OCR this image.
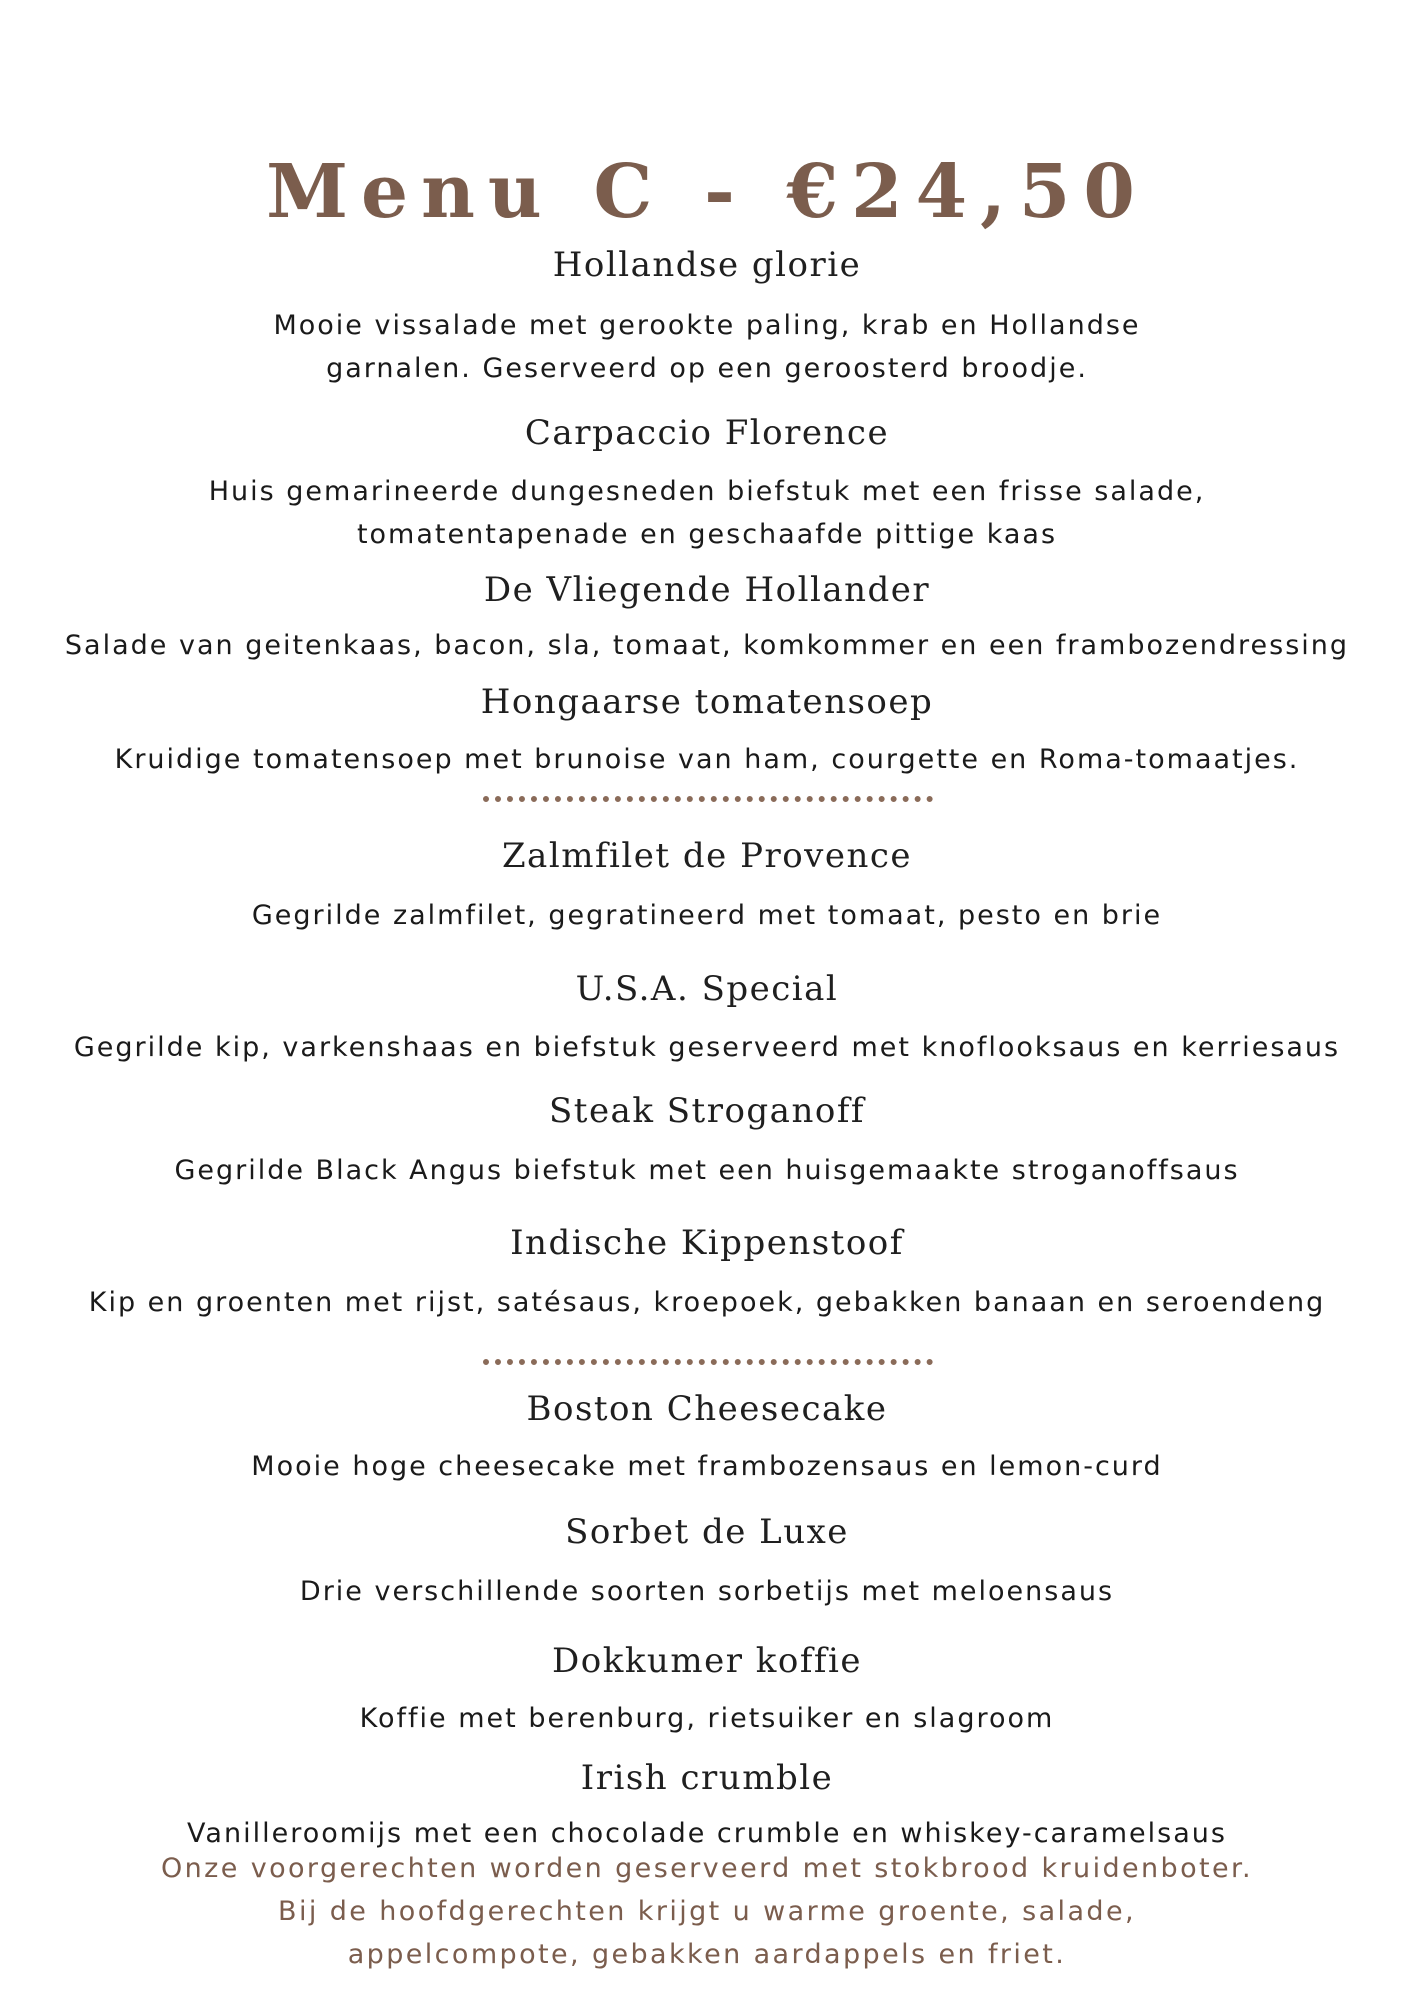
Menu C - €24,50
Hollandse glorie
Mooie vissalade met gerookte paling, krab en Hollandse
garnalen. Geserveerd op een geroosterd broodje.
Carpaccio Florence
Huis gemarineerde dungesneden biefstuk met een frisse salade,
tomatentapenade en geschaafde pittige kaas
De Vliegende Hollander
Salade van geitenkaas, bacon, sla, tomaat, komkommer en een frambozendressing
Hongaarse tomatensoep
Kruidige tomatensoep met brunoise van ham, courgette en Roma-tomaatjes.
Zalmfilet de Provence
Gegrilde zalmfilet, gegratineerd met tomaat, pesto en brie
U.S.A. Special
Gegrilde kip, varkenshaas en biefstuk geserveerd met knoflooksaus en kerriesaus
Steak Stroganoff
Gegrilde Black Angus biefstuk met een huisgemaakte stroganoffsaus
Indische Kippenstoof
Kip en groenten met rijst, satésaus, kroepoek, gebakken banaan en seroendeng
Boston Cheesecake
Mooie hoge cheesecake met frambozensaus en lemon-curd
Sorbet de Luxe
Drie verschillende soorten sorbetijs met meloensaus
Dokkumer koffie
Koffie met berenburg, rietsuiker en slagroom
Irish crumble
Vanilleroomijs met een chocolade crumble en whiskey-caramelsaus
Onze voorgerechten worden geserveerd met stokbrood kruidenboter.
Bij de hoofdgerechten krijgt u warme groente, salade,
appelcompote, gebakken aardappels en friet.
